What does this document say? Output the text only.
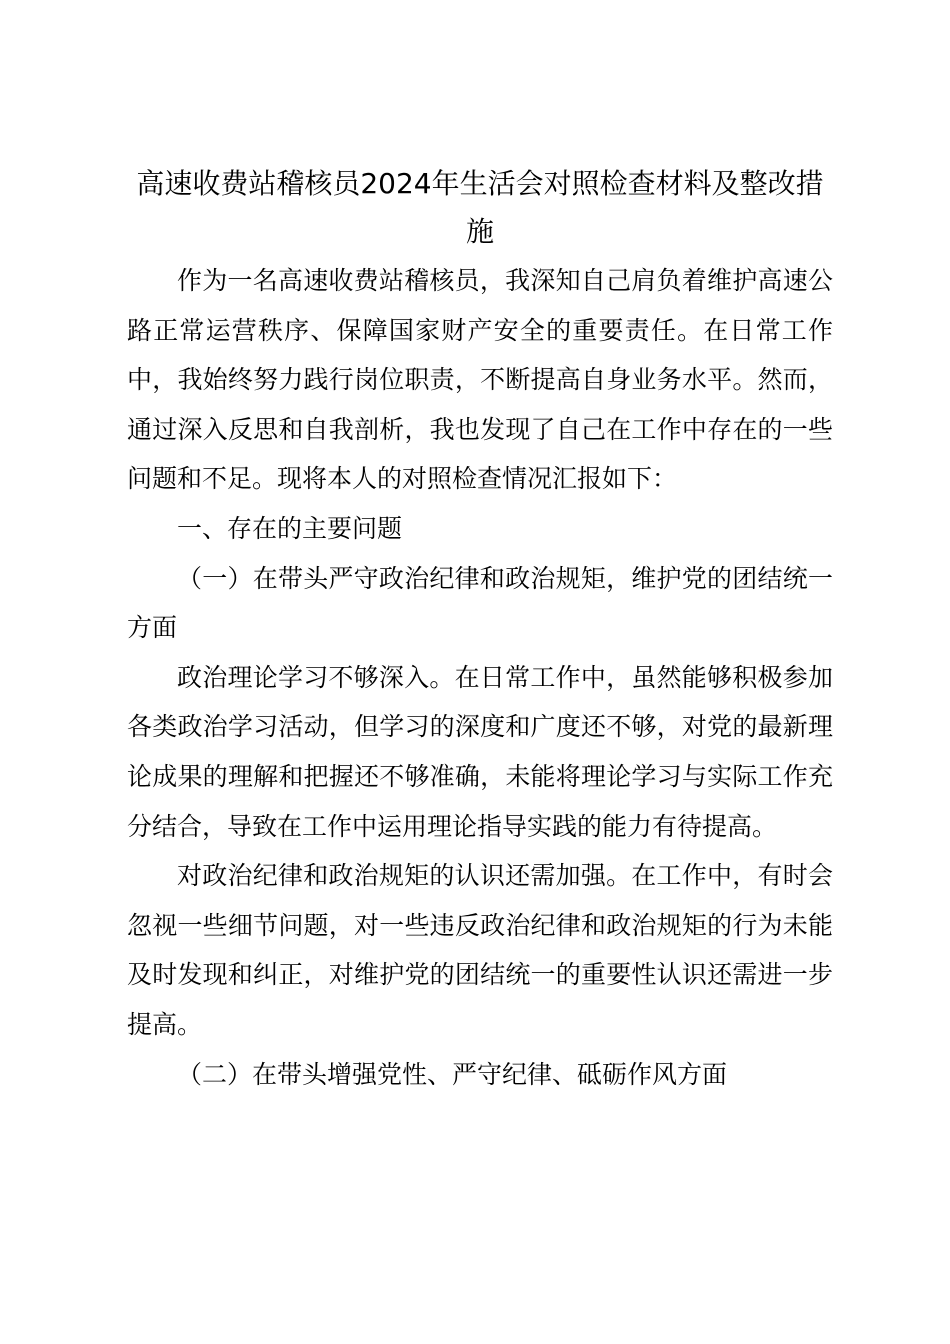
高速收费站稽核员2024年生活会对照检查材料及整改措施

作为一名高速收费站稽核员，我深知自己肩负着维护高速公路正常运营秩序、保障国家财产安全的重要责任。在日常工作中，我始终努力践行岗位职责，不断提高自身业务水平。然而，通过深入反思和自我剖析，我也发现了自己在工作中存在的一些问题和不足。现将本人的对照检查情况汇报如下：

一、存在的主要问题

（一）在带头严守政治纪律和政治规矩，维护党的团结统一方面

政治理论学习不够深入。在日常工作中，虽然能够积极参加各类政治学习活动，但学习的深度和广度还不够，对党的最新理论成果的理解和把握还不够准确，未能将理论学习与实际工作充分结合，导致在工作中运用理论指导实践的能力有待提高。

对政治纪律和政治规矩的认识还需加强。在工作中，有时会忽视一些细节问题，对一些违反政治纪律和政治规矩的行为未能及时发现和纠正，对维护党的团结统一的重要性认识还需进一步提高。

（二）在带头增强党性、严守纪律、砥砺作风方面
